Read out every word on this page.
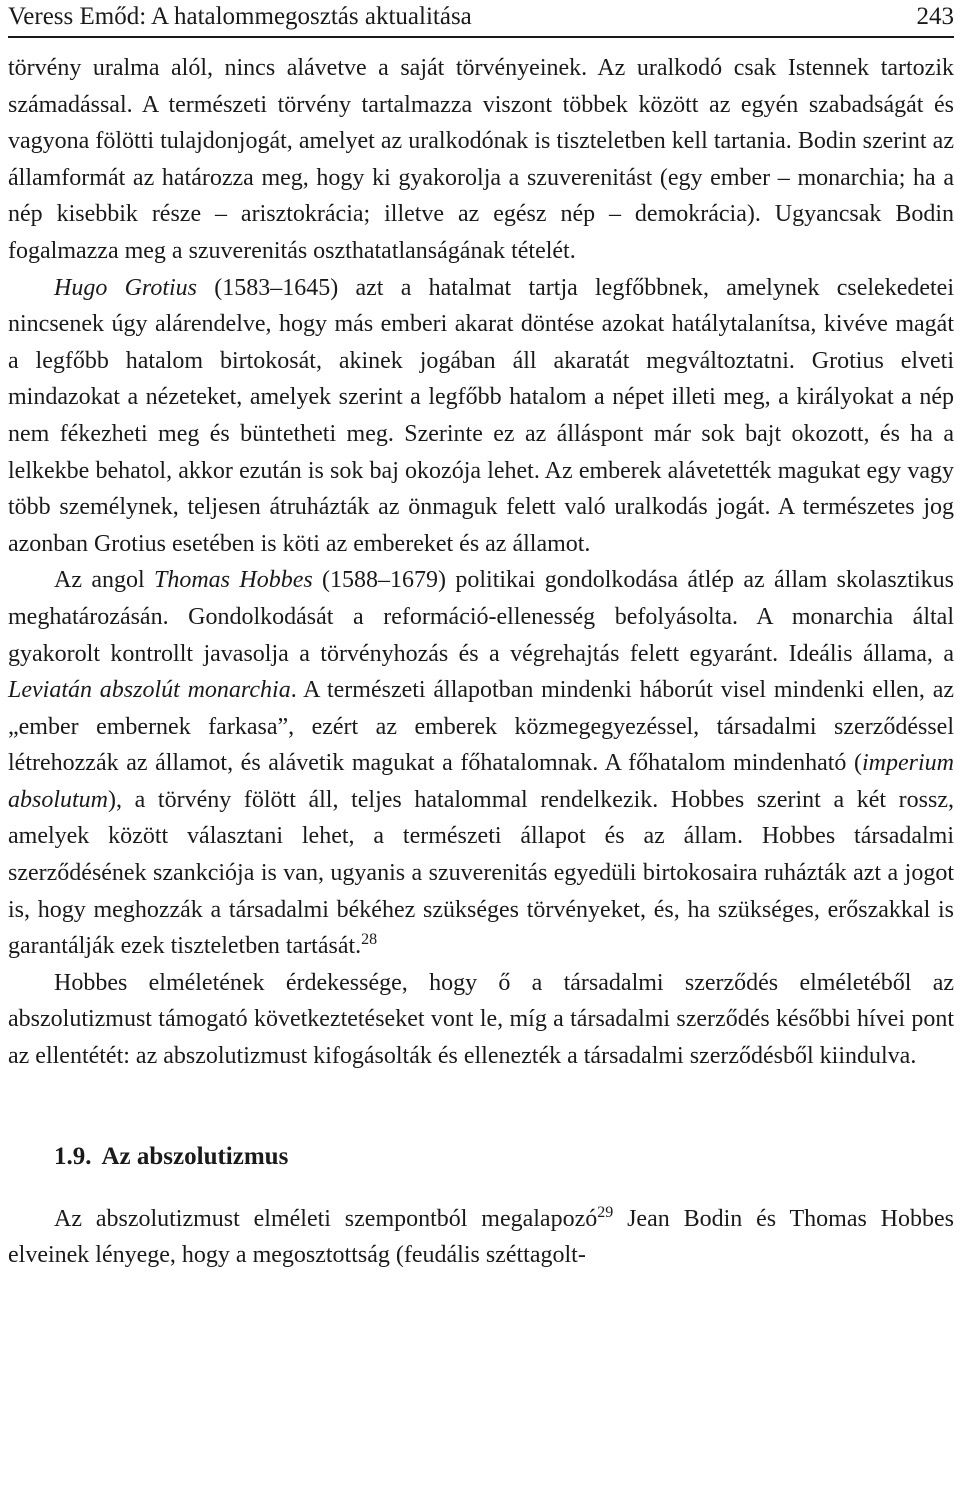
Veress Emőd: A hatalommegosztás aktualitása	243

törvény uralma alól, nincs alávetve a saját törvényeinek. Az uralkodó csak Istennek tartozik számadással. A természeti törvény tartalmazza viszont többek között az egyén szabadságát és vagyona fölötti tulajdonjogát, amelyet az uralkodónak is tiszteletben kell tartania. Bodin szerint az államformát az határozza meg, hogy ki gyakorolja a szuverenitást (egy ember – monarchia; ha a nép kisebbik része – arisztokrácia; illetve az egész nép – demokrácia). Ugyancsak Bodin fogalmazza meg a szuverenitás oszthatatlanságának tételét.

Hugo Grotius (1583–1645) azt a hatalmat tartja legfőbbnek, amelynek cselekedetei nincsenek úgy alárendelve, hogy más emberi akarat döntése azokat hatálytalanítsa, kivéve magát a legfőbb hatalom birtokosát, akinek jogában áll akaratát megváltoztatni. Grotius elveti mindazokat a nézeteket, amelyek szerint a legfőbb hatalom a népet illeti meg, a királyokat a nép nem fékezheti meg és büntetheti meg. Szerinte ez az álláspont már sok bajt okozott, és ha a lelkekbe behatol, akkor ezután is sok baj okozója lehet. Az emberek alávetették magukat egy vagy több személynek, teljesen átruházták az önmaguk felett való uralkodás jogát. A természetes jog azonban Grotius esetében is köti az embereket és az államot.

Az angol Thomas Hobbes (1588–1679) politikai gondolkodása átlép az állam skolasztikus meghatározásán. Gondolkodását a reformáció-ellenesség befolyásolta. A monarchia által gyakorolt kontrollt javasolja a törvényhozás és a végrehajtás felett egyaránt. Ideális állama, a Leviatán abszolút monarchia. A természeti állapotban mindenki háborút visel mindenki ellen, az „ember embernek farkasa”, ezért az emberek közmegegyezéssel, társadalmi szerződéssel létrehozzák az államot, és alávetik magukat a főhatalomnak. A főhatalom mindenható (imperium absolutum), a törvény fölött áll, teljes hatalommal rendelkezik. Hobbes szerint a két rossz, amelyek között választani lehet, a természeti állapot és az állam. Hobbes társadalmi szerződésének szankciója is van, ugyanis a szuverenitás egyedüli birtokosaira ruházták azt a jogot is, hogy meghozzák a társadalmi békéhez szükséges törvényeket, és, ha szükséges, erőszakkal is garantálják ezek tiszteletben tartását.$^{28}$

Hobbes elméletének érdekessége, hogy ő a társadalmi szerződés elméletéből az abszolutizmust támogató következtetéseket vont le, míg a társadalmi szerződés későbbi hívei pont az ellentétét: az abszolutizmust kifogásolták és ellenezték a társadalmi szerződésből kiindulva.

1.9. Az abszolutizmus

Az abszolutizmust elméleti szempontból megalapozó$^{29}$ Jean Bodin és Thomas Hobbes elveinek lényege, hogy a megosztottság (feudális széttagolt-
